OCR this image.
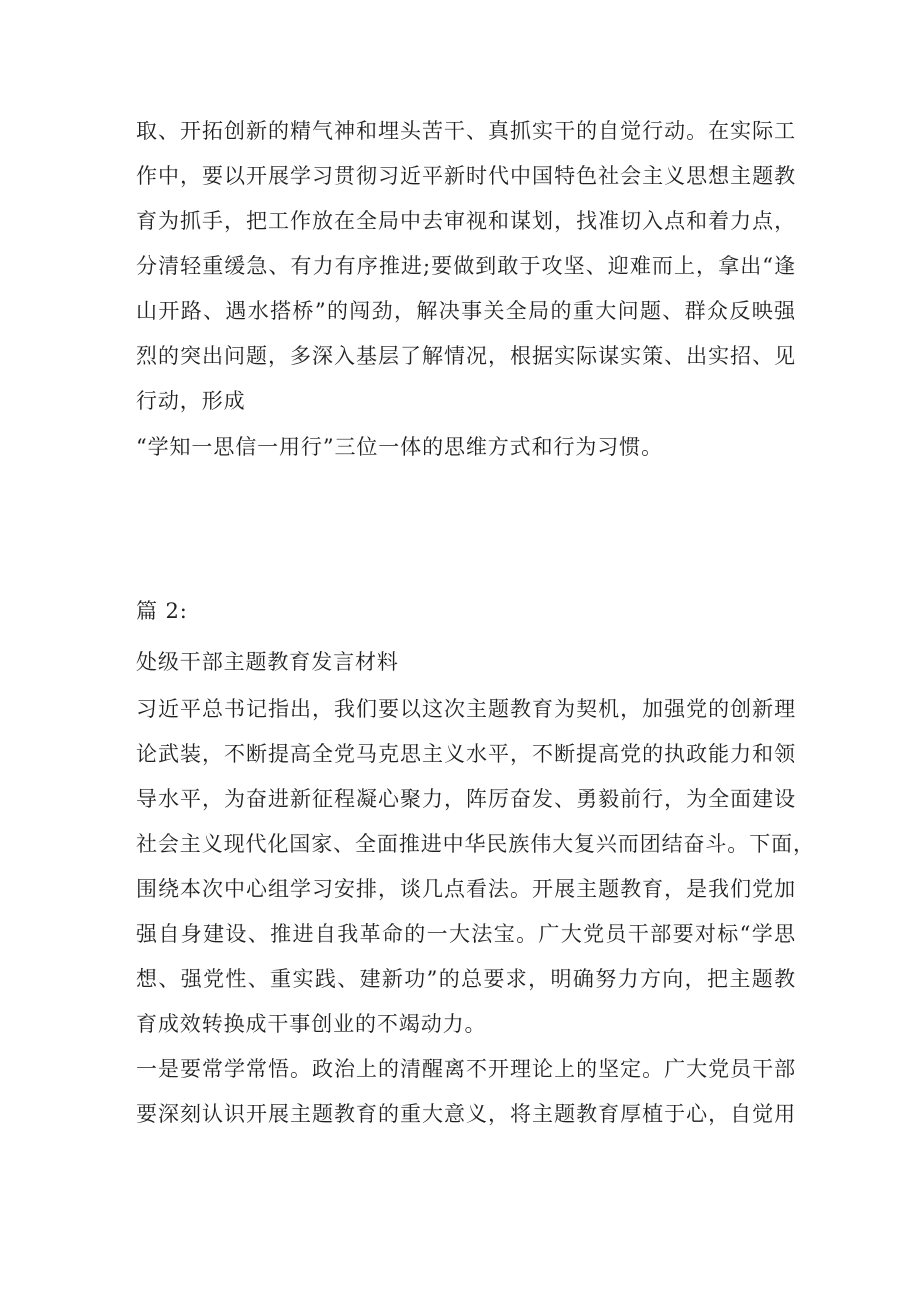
取、开拓创新的精气神和埋头苦干、真抓实干的自觉行动。在实际工
作中，要以开展学习贯彻习近平新时代中国特色社会主义思想主题教
育为抓手，把工作放在全局中去审视和谋划，找准切入点和着力点，
分清轻重缓急、有力有序推进;要做到敢于攻坚、迎难而上，拿出“逢
山开路、遇水搭桥”的闯劲，解决事关全局的重大问题、群众反映强
烈的突出问题，多深入基层了解情况，根据实际谋实策、出实招、见
行动，形成
“学知一思信一用行”三位一体的思维方式和行为习惯。
篇 2:
处级干部主题教育发言材料
习近平总书记指出，我们要以这次主题教育为契机，加强党的创新理
论武装，不断提高全党马克思主义水平，不断提高党的执政能力和领
导水平，为奋进新征程凝心聚力，阵厉奋发、勇毅前行，为全面建设
社会主义现代化国家、全面推进中华民族伟大复兴而团结奋斗。下面，
围绕本次中心组学习安排，谈几点看法。开展主题教育，是我们党加
强自身建设、推进自我革命的一大法宝。广大党员干部要对标“学思
想、强党性、重实践、建新功”的总要求，明确努力方向，把主题教
育成效转换成干事创业的不竭动力。
一是要常学常悟。政治上的清醒离不开理论上的坚定。广大党员干部
要深刻认识开展主题教育的重大意义，将主题教育厚植于心，自觉用
